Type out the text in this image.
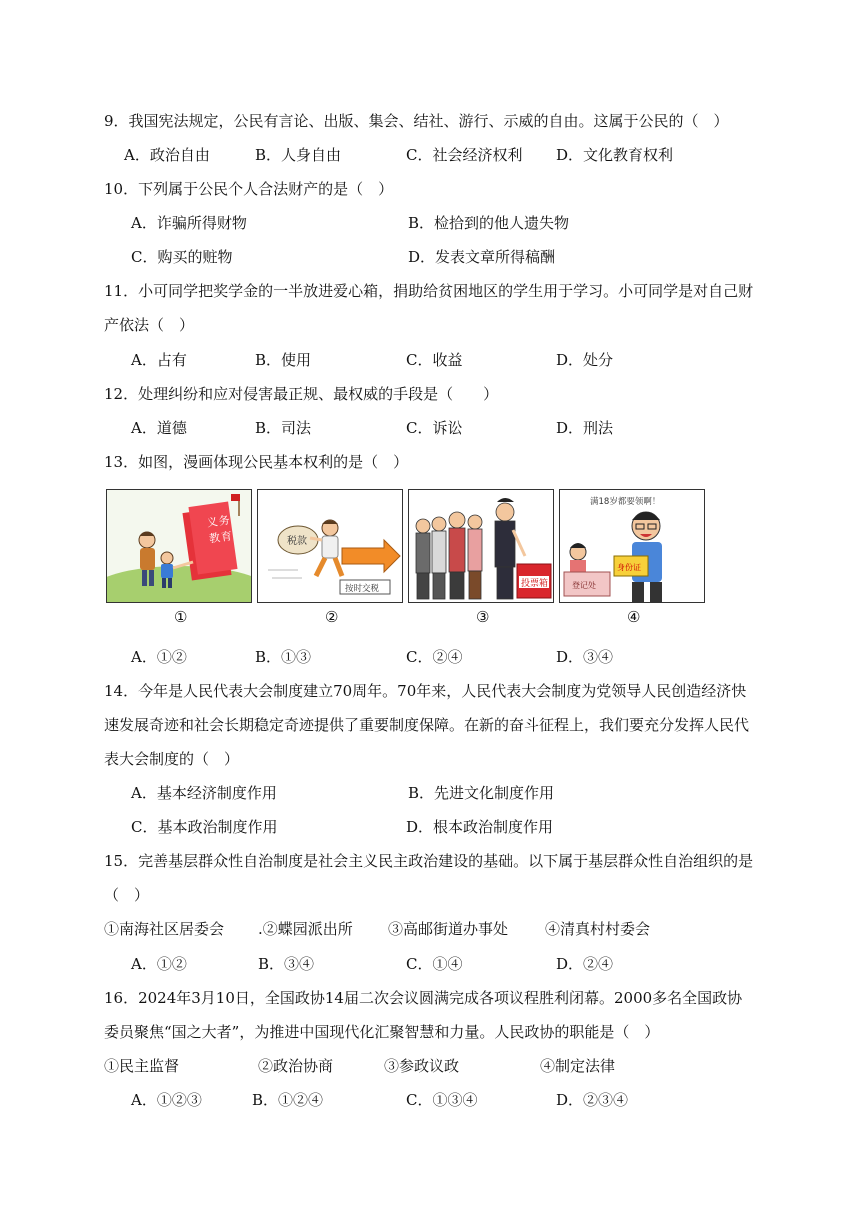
9．我国宪法规定，公民有言论、出版、集会、结社、游行、示威的自由。这属于公民的（　）
A．政治自由	B．人身自由	C．社会经济权利 D．文化教育权利
10．下列属于公民个人合法财产的是（　）
A．诈骗所得财物	B．检拾到的他人遗失物
C．购买的赃物	D．发表文章所得稿酬
11．小可同学把奖学金的一半放进爱心箱，捐助给贫困地区的学生用于学习。小可同学是对自己财
产依法（　）
A．占有	B．使用	C．收益	D．处分
12．处理纠纷和应对侵害最正规、最权威的手段是（　　）
A．道德	B．司法	C．诉讼	D．刑法
13．如图，漫画体现公民基本权利的是（　）
义 务
教 育	税款
按时交税	投票箱
满18岁都要领啊！
身份证
登记处
①	②	③	④
A．①②	B．①③	C．②④	D．③④
14．今年是人民代表大会制度建立70周年。70年来，人民代表大会制度为党领导人民创造经济快
速发展奇迹和社会长期稳定奇迹提供了重要制度保障。在新的奋斗征程上，我们要充分发挥人民代
表大会制度的（　）
A．基本经济制度作用	B．先进文化制度作用
C．基本政治制度作用	D．根本政治制度作用
15．完善基层群众性自治制度是社会主义民主政治建设的基础。以下属于基层群众性自治组织的是
（　）
①南海社区居委会 .②蝶园派出所 ③高邮街道办事处 ④清真村村委会
A．①②	B．③④	C．①④	D．②④
16．2024年3月10日，全国政协14届二次会议圆满完成各项议程胜利闭幕。2000多名全国政协
委员聚焦“国之大者”，为推进中国现代化汇聚智慧和力量。人民政协的职能是（　）
①民主监督	②政治协商	③参政议政	④制定法律
A．①②③	B．①②④	C．①③④	D．②③④
